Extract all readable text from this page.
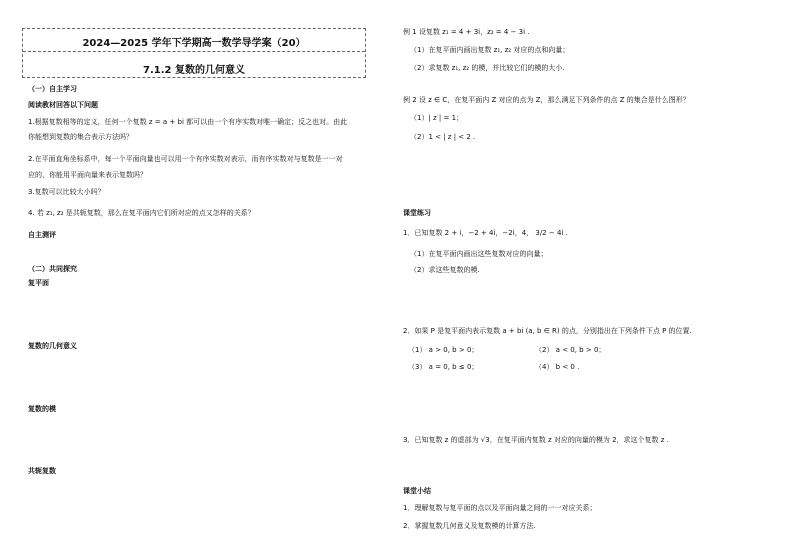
2024—2025 学年下学期高一数学导学案（20）
7.1.2 复数的几何意义
（一）自主学习
阅读教材回答以下问题
1.根据复数相等的定义，任何一个复数 z = a + bi 都可以由一个有序实数对唯一确定；反之也对。由此
你能想到复数的集合表示方法吗？
2.在平面直角坐标系中，每一个平面向量也可以用一个有序实数对表示，而有序实数对与复数是一一对
应的，你能用平面向量来表示复数吗？
3.复数可以比较大小吗？
4. 若 z₁, z₂ 是共轭复数，那么在复平面内它们所对应的点又怎样的关系？
自主测评
（二）共同探究
复平面
复数的几何意义
复数的模
共轭复数
例 1 设复数 z₁ = 4 + 3i，z₂ = 4 − 3i .
（1）在复平面内画出复数 z₁, z₂ 对应的点和向量；
（2）求复数 z₁, z₂ 的模，并比较它们的模的大小.
例 2 设 z ∈ C，在复平面内 Z 对应的点为 Z，那么满足下列条件的点 Z 的集合是什么图形？
（1）| z | = 1；
（2）1 < | z | < 2 .
课堂练习
1．已知复数 2 + i，−2 + 4i，−2i，4， 3/2 − 4i .
（1）在复平面内画出这些复数对应的向量；
（2）求这些复数的模.
2．如果 P 是复平面内表示复数 a + bi (a, b ∈ R) 的点，分别指出在下列条件下点 P 的位置.
（1） a > 0, b > 0；	（2） a < 0, b > 0；
（3） a = 0, b ≤ 0；	（4） b < 0 .
3．已知复数 z 的虚部为 √3，在复平面内复数 z 对应的向量的模为 2，求这个复数 z .
课堂小结
1．理解复数与复平面的点以及平面向量之间的一一对应关系；
2．掌握复数几何意义及复数模的计算方法.
